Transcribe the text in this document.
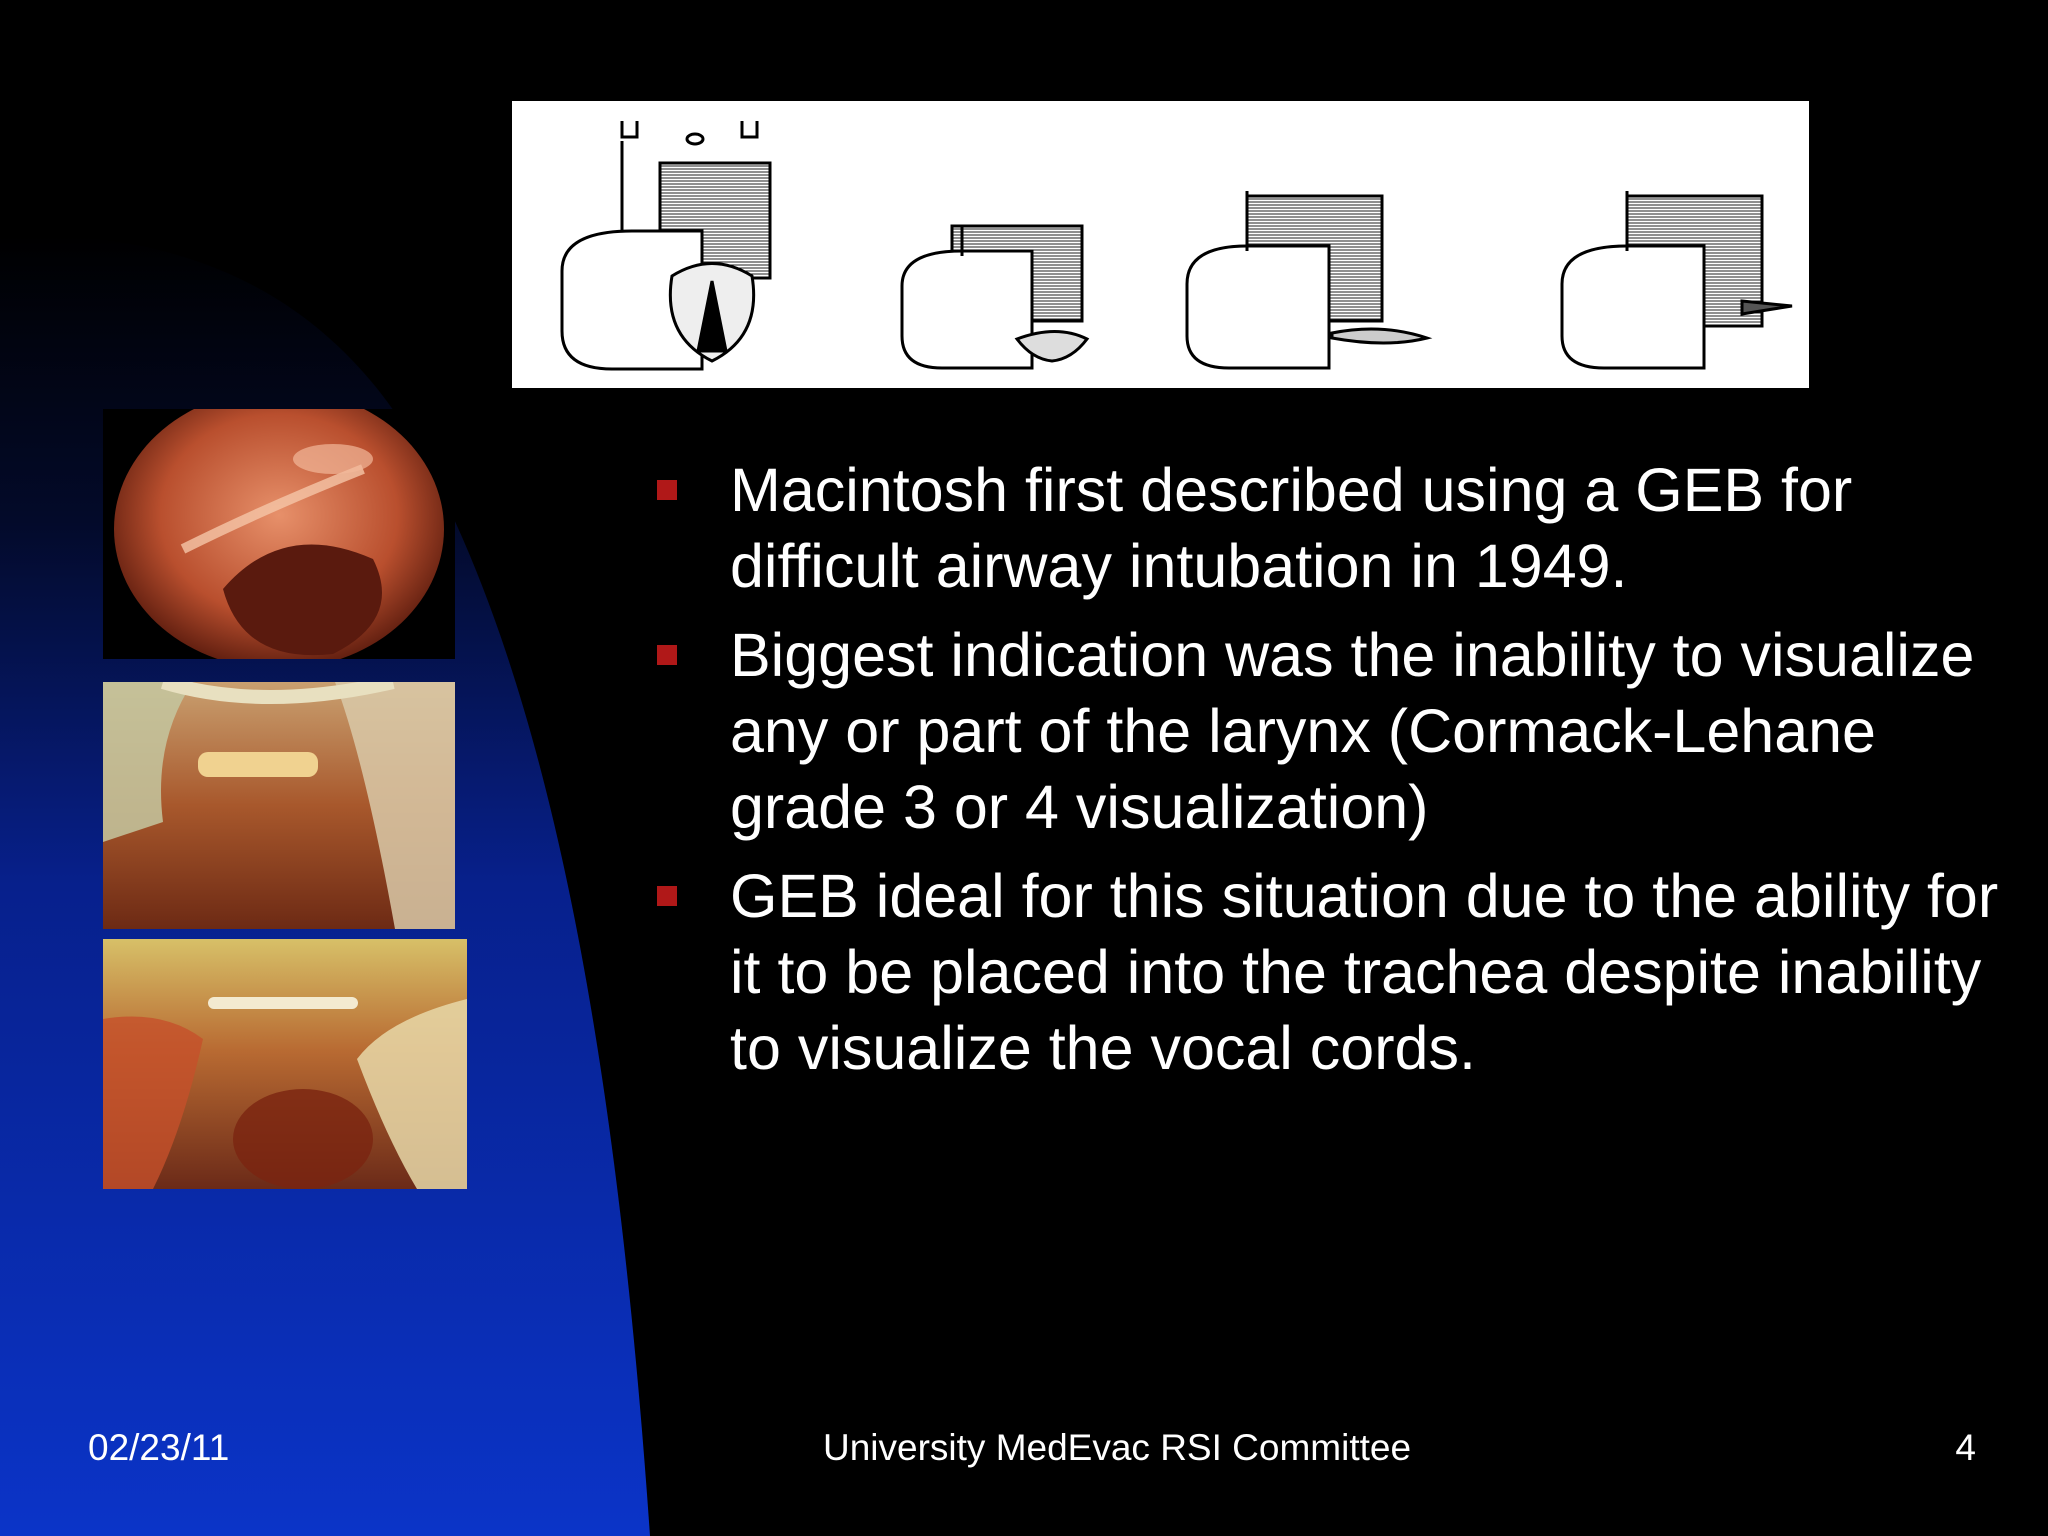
Macintosh first described using a GEB for difficult airway intubation in 1949.
Biggest indication was the inability to visualize any or part of the larynx (Cormack-Lehane grade 3 or 4 visualization)
GEB ideal for this situation due to the ability for it to be placed into the trachea despite inability to visualize the vocal cords.
02/23/11	University MedEvac RSI Committee	4
